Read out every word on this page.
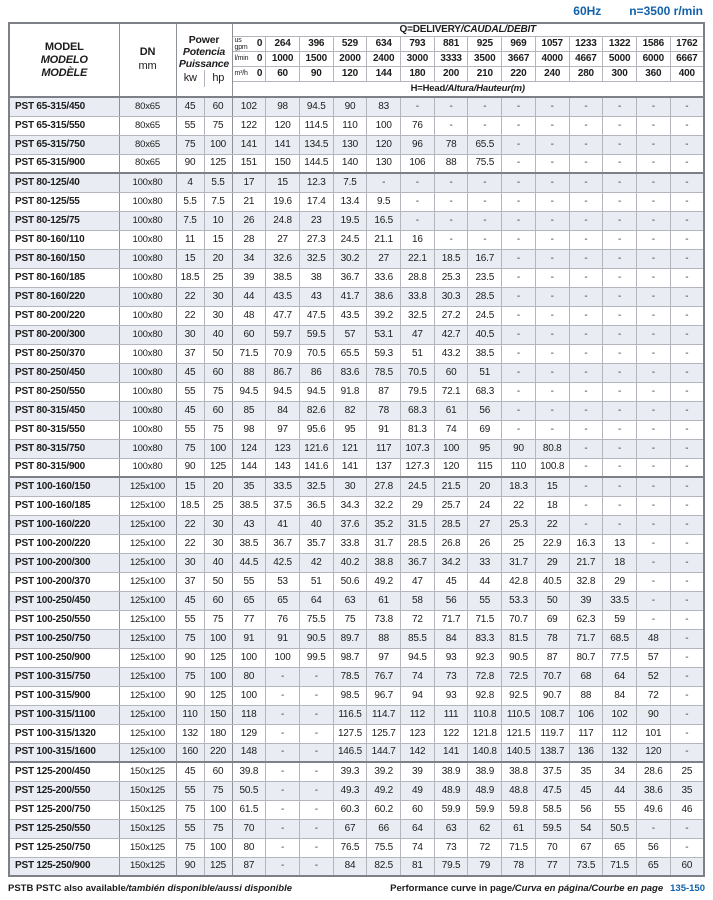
60Hz n=3500 r/min
MODEL
MODELO
MODÈLE

DN
mm

Power
Potencia
Puissance
kw	hp
	Q=DELIVERY/CAUDAL/DÉBIT

				us
gpm 0	264	396	529	634	793	881	925	969	1057	1233	1322	1586	1762

				l/min 0	1000	1500	2000	2400	3000	3333	3500	3667	4000	4667	5000	6000	6667

				m³/h 0	60	90	120	144	180	200	210	220	240	280	300	360	400
				H=Head/Altura/Hauteur(m)													
PST 65-315/450	80x65	45	60	102	98	94.5	90	83	-	-	-	-	-	-	-	-	-
PST 65-315/550	80x65	55	75	122	120	114.5	110	100	76	-	-	-	-	-	-	-	-
PST 65-315/750	80x65	75	100	141	141	134.5	130	120	96	78	65.5	-	-	-	-	-	-
PST 65-315/900	80x65	90	125	151	150	144.5	140	130	106	88	75.5	-	-	-	-	-	-
PST 80-125/40	100x80	4	5.5	17	15	12.3	7.5	-	-	-	-	-	-	-	-	-	-
PST 80-125/55	100x80	5.5	7.5	21	19.6	17.4	13.4	9.5	-	-	-	-	-	-	-	-	-
PST 80-125/75	100x80	7.5	10	26	24.8	23	19.5	16.5	-	-	-	-	-	-	-	-	-
PST 80-160/110	100x80	11	15	28	27	27.3	24.5	21.1	16	-	-	-	-	-	-	-	-
PST 80-160/150	100x80	15	20	34	32.6	32.5	30.2	27	22.1	18.5	16.7	-	-	-	-	-	-
PST 80-160/185	100x80	18.5	25	39	38.5	38	36.7	33.6	28.8	25.3	23.5	-	-	-	-	-	-
PST 80-160/220	100x80	22	30	44	43.5	43	41.7	38.6	33.8	30.3	28.5	-	-	-	-	-	-
PST 80-200/220	100x80	22	30	48	47.7	47.5	43.5	39.2	32.5	27.2	24.5	-	-	-	-	-	-
PST 80-200/300	100x80	30	40	60	59.7	59.5	57	53.1	47	42.7	40.5	-	-	-	-	-	-
PST 80-250/370	100x80	37	50	71.5	70.9	70.5	65.5	59.3	51	43.2	38.5	-	-	-	-	-	-
PST 80-250/450	100x80	45	60	88	86.7	86	83.6	78.5	70.5	60	51	-	-	-	-	-	-
PST 80-250/550	100x80	55	75	94.5	94.5	94.5	91.8	87	79.5	72.1	68.3	-	-	-	-	-	-
PST 80-315/450	100x80	45	60	85	84	82.6	82	78	68.3	61	56	-	-	-	-	-	-
PST 80-315/550	100x80	55	75	98	97	95.6	95	91	81.3	74	69	-	-	-	-	-	-
PST 80-315/750	100x80	75	100	124	123	121.6	121	117	107.3	100	95	90	80.8	-	-	-	-
PST 80-315/900	100x80	90	125	144	143	141.6	141	137	127.3	120	115	110	100.8	-	-	-	-
PST 100-160/150	125x100	15	20	35	33.5	32.5	30	27.8	24.5	21.5	20	18.3	15	-	-	-	-
PST 100-160/185	125x100	18.5	25	38.5	37.5	36.5	34.3	32.2	29	25.7	24	22	18	-	-	-	-
PST 100-160/220	125x100	22	30	43	41	40	37.6	35.2	31.5	28.5	27	25.3	22	-	-	-	-
PST 100-200/220	125x100	22	30	38.5	36.7	35.7	33.8	31.7	28.5	26.8	26	25	22.9	16.3	13	-	-
PST 100-200/300	125x100	30	40	44.5	42.5	42	40.2	38.8	36.7	34.2	33	31.7	29	21.7	18	-	-
PST 100-200/370	125x100	37	50	55	53	51	50.6	49.2	47	45	44	42.8	40.5	32.8	29	-	-
PST 100-250/450	125x100	45	60	65	65	64	63	61	58	56	55	53.3	50	39	33.5	-	-
PST 100-250/550	125x100	55	75	77	76	75.5	75	73.8	72	71.7	71.5	70.7	69	62.3	59	-	-
PST 100-250/750	125x100	75	100	91	91	90.5	89.7	88	85.5	84	83.3	81.5	78	71.7	68.5	48	-
PST 100-250/900	125x100	90	125	100	100	99.5	98.7	97	94.5	93	92.3	90.5	87	80.7	77.5	57	-
PST 100-315/750	125x100	75	100	80	-	-	78.5	76.7	74	73	72.8	72.5	70.7	68	64	52	-
PST 100-315/900	125x100	90	125	100	-	-	98.5	96.7	94	93	92.8	92.5	90.7	88	84	72	-
PST 100-315/1100	125x100	110	150	118	-	-	116.5	114.7	112	111	110.8	110.5	108.7	106	102	90	-
PST 100-315/1320	125x100	132	180	129	-	-	127.5	125.7	123	122	121.8	121.5	119.7	117	112	101	-
PST 100-315/1600	125x100	160	220	148	-	-	146.5	144.7	142	141	140.8	140.5	138.7	136	132	120	-
PST 125-200/450	150x125	45	60	39.8	-	-	39.3	39.2	39	38.9	38.9	38.8	37.5	35	34	28.6	25
PST 125-200/550	150x125	55	75	50.5	-	-	49.3	49.2	49	48.9	48.9	48.8	47.5	45	44	38.6	35
PST 125-200/750	150x125	75	100	61.5	-	-	60.3	60.2	60	59.9	59.9	59.8	58.5	56	55	49.6	46
PST 125-250/550	150x125	55	75	70	-	-	67	66	64	63	62	61	59.5	54	50.5	-	-
PST 125-250/750	150x125	75	100	80	-	-	76.5	75.5	74	73	72	71.5	70	67	65	56	-
PST 125-250/900	150x125	90	125	87	-	-	84	82.5	81	79.5	79	78	77	73.5	71.5	65	60
PSTB PSTC also available/también disponible/aussi disponible	Performance curve in page/Curva en página/Courbe en page 135-150
